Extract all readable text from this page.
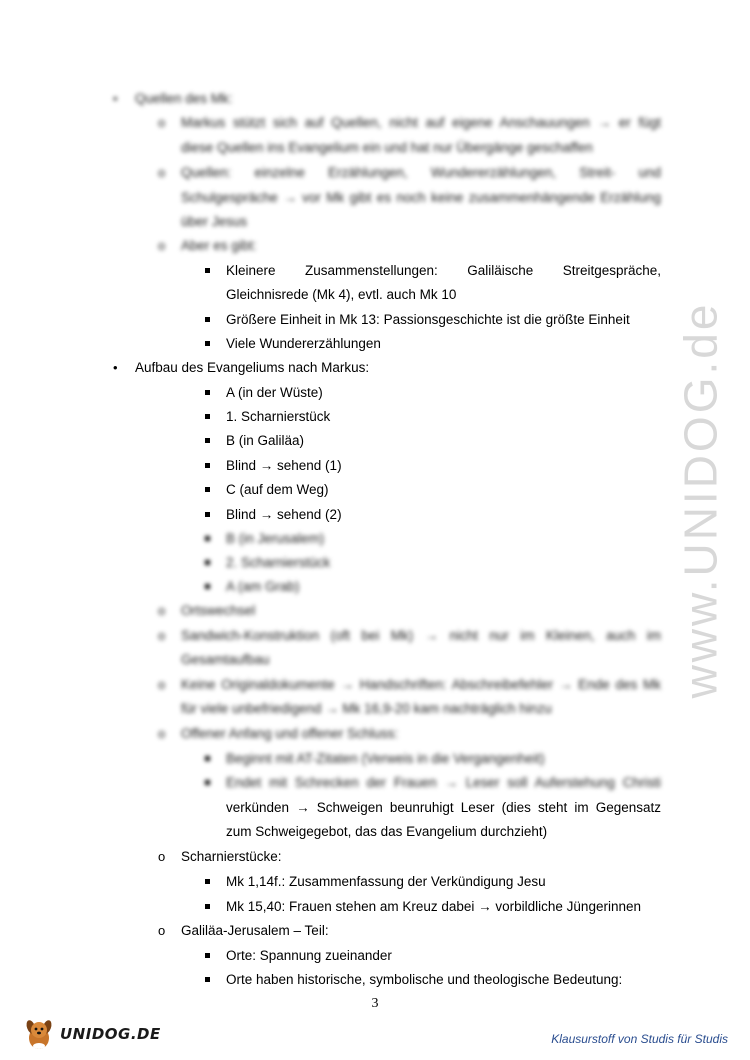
www.UNIDOG.de
• Quellen des Mk:
o Markus stützt sich auf Quellen, nicht auf eigene Anschauungen → er fügt
diese Quellen ins Evangelium ein und hat nur Übergänge geschaffen
o Quellen: einzelne Erzählungen, Wundererzählungen, Streit- und
Schulgespräche → vor Mk gibt es noch keine zusammenhängende Erzählung
über Jesus
o Aber es gibt:
Kleinere Zusammenstellungen: Galiläische Streitgespräche,
Gleichnisrede (Mk 4), evtl. auch Mk 10
Größere Einheit in Mk 13: Passionsgeschichte ist die größte Einheit
Viele Wundererzählungen
• Aufbau des Evangeliums nach Markus:
A (in der Wüste)
1. Scharnierstück
B (in Galiläa)
Blind → sehend (1)
C (auf dem Weg)
Blind → sehend (2)
B (in Jerusalem)
2. Scharnierstück
A (am Grab)
o Ortswechsel
o Sandwich-Konstruktion (oft bei Mk) → nicht nur im Kleinen, auch im
Gesamtaufbau
o Keine Originaldokumente → Handschriften: Abschreibefehler → Ende des Mk
für viele unbefriedigend → Mk 16,9-20 kam nachträglich hinzu
o Offener Anfang und offener Schluss:
Beginnt mit AT-Zitaten (Verweis in die Vergangenheit)
Endet mit Schrecken der Frauen → Leser soll Auferstehung Christi
verkünden → Schweigen beunruhigt Leser (dies steht im Gegensatz
zum Schweigegebot, das das Evangelium durchzieht)
o Scharnierstücke:
Mk 1,14f.: Zusammenfassung der Verkündigung Jesu
Mk 15,40: Frauen stehen am Kreuz dabei → vorbildliche Jüngerinnen
o Galiläa-Jerusalem – Teil:
Orte: Spannung zueinander
Orte haben historische, symbolische und theologische Bedeutung:
3
UNIDOG.DE	Klausurstoff von Studis für Studis
